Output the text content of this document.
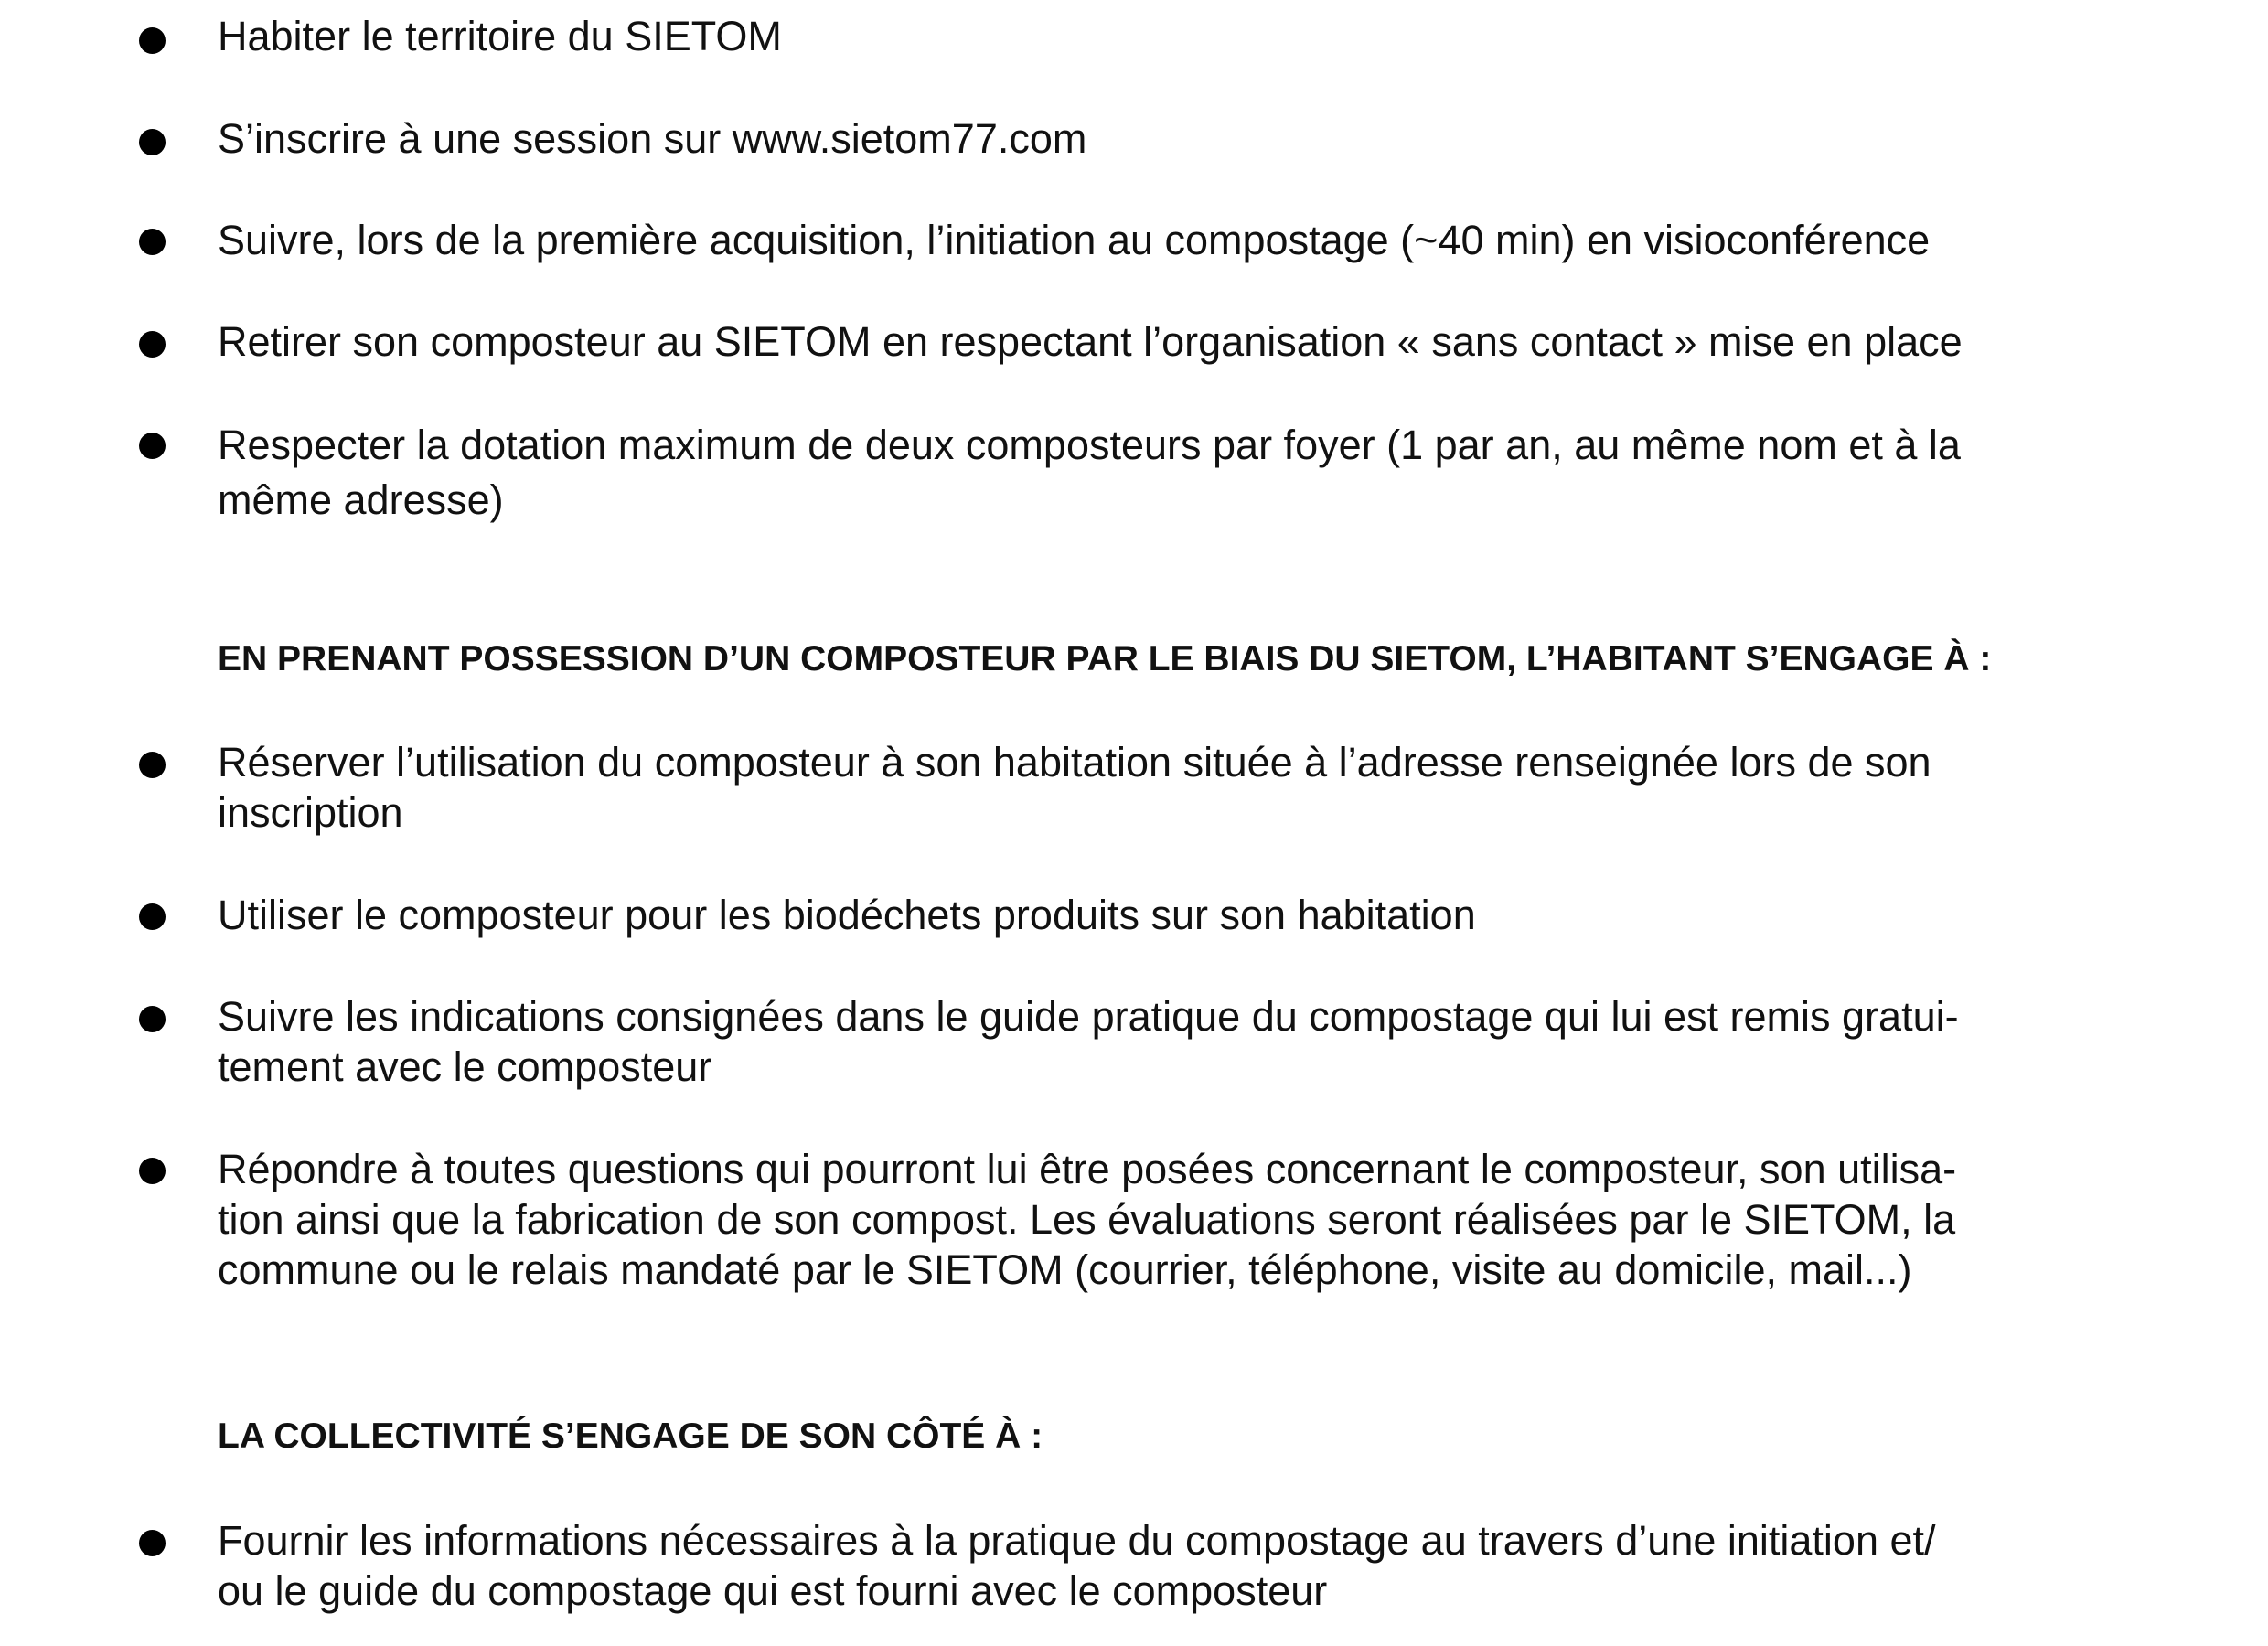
Habiter le territoire du SIETOM

S’inscrire à une session sur www.sietom77.com

Suivre, lors de la première acquisition, l’initiation au compostage (~40 min) en visioconférence

Retirer son composteur au SIETOM en respectant l’organisation « sans contact » mise en place

Respecter la dotation maximum de deux composteurs par foyer (1 par an, au même nom et à la

même adresse)

EN PRENANT POSSESSION D’UN COMPOSTEUR PAR LE BIAIS DU SIETOM, L’HABITANT S’ENGAGE À :

Réserver l’utilisation du composteur à son habitation située à l’adresse renseignée lors de son

inscription

Utiliser le composteur pour les biodéchets produits sur son habitation

Suivre les indications consignées dans le guide pratique du compostage qui lui est remis gratui-

tement avec le composteur

Répondre à toutes questions qui pourront lui être posées concernant le composteur, son utilisa-

tion ainsi que la fabrication de son compost. Les évaluations seront réalisées par le SIETOM, la

commune ou le relais mandaté par le SIETOM (courrier, téléphone, visite au domicile, mail...)

LA COLLECTIVITÉ S’ENGAGE DE SON CÔTÉ À :

Fournir les informations nécessaires à la pratique du compostage au travers d’une initiation et/

ou le guide du compostage qui est fourni avec le composteur
